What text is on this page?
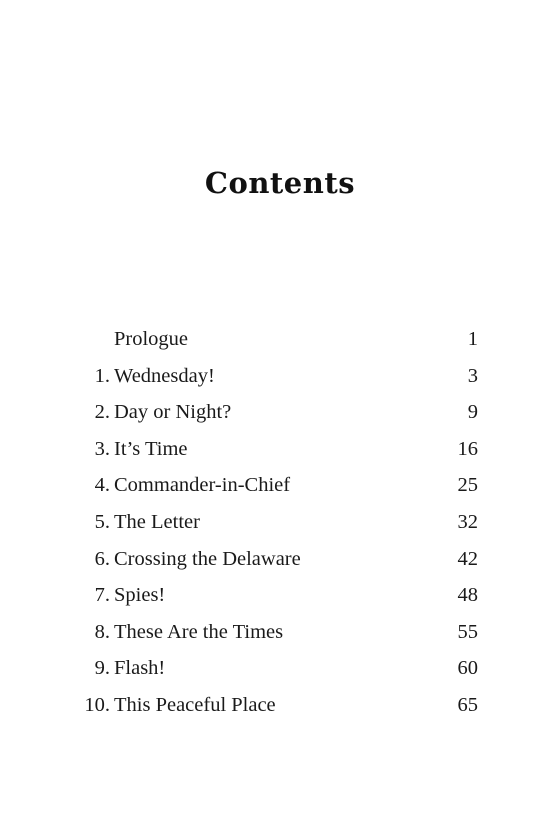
Contents
Prologue	1
1. Wednesday!	3
2. Day or Night?	9
3. It’s Time	16
4. Commander-in-Chief	25
5. The Letter	32
6. Crossing the Delaware	42
7. Spies!	48
8. These Are the Times	55
9. Flash!	60
10. This Peaceful Place	65
